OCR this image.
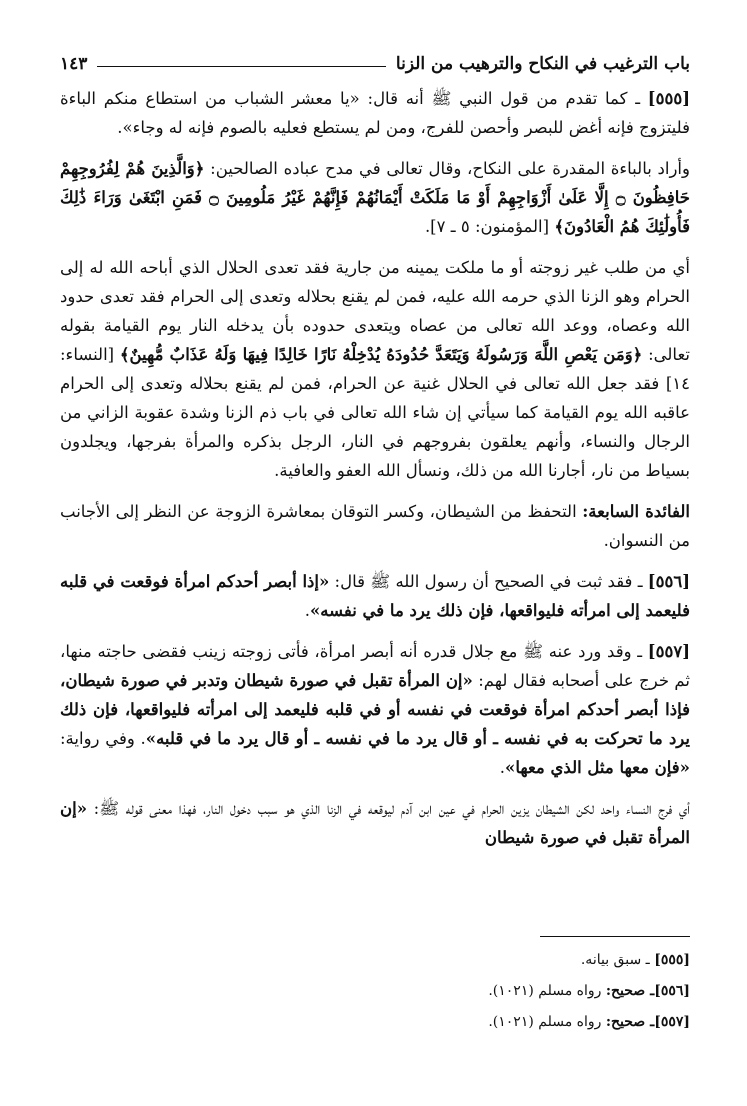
باب الترغيب في النكاح والترهيب من الزنا
١٤٣

[٥٥٥] ـ كما تقدم من قول النبي ﷺ أنه قال: «يا معشر الشباب من استطاع منكم الباءة فليتزوج فإنه أغض للبصر وأحصن للفرج، ومن لم يستطع فعليه بالصوم فإنه له وجاء».

وأراد بالباءة المقدرة على النكاح، وقال تعالى في مدح عباده الصالحين: ﴿وَالَّذِينَ هُمْ لِفُرُوجِهِمْ حَافِظُونَ ۝ إِلَّا عَلَىٰ أَزْوَاجِهِمْ أَوْ مَا مَلَكَتْ أَيْمَانُهُمْ فَإِنَّهُمْ غَيْرُ مَلُومِينَ ۝ فَمَنِ ابْتَغَىٰ وَرَاءَ ذَٰلِكَ فَأُولَٰئِكَ هُمُ الْعَادُونَ﴾ [المؤمنون: ٥ ـ ٧].

أي من طلب غير زوجته أو ما ملكت يمينه من جارية فقد تعدى الحلال الذي أباحه الله له إلى الحرام وهو الزنا الذي حرمه الله عليه، فمن لم يقنع بحلاله وتعدى إلى الحرام فقد تعدى حدود الله وعصاه، ووعد الله تعالى من عصاه ويتعدى حدوده بأن يدخله النار يوم القيامة بقوله تعالى: ﴿وَمَن يَعْصِ اللَّهَ وَرَسُولَهُ وَيَتَعَدَّ حُدُودَهُ يُدْخِلْهُ نَارًا خَالِدًا فِيهَا وَلَهُ عَذَابٌ مُّهِينٌ﴾ [النساء: ١٤] فقد جعل الله تعالى في الحلال غنية عن الحرام، فمن لم يقنع بحلاله وتعدى إلى الحرام عاقبه الله يوم القيامة كما سيأتي إن شاء الله تعالى في باب ذم الزنا وشدة عقوبة الزاني من الرجال والنساء، وأنهم يعلقون بفروجهم في النار، الرجل بذكره والمرأة بفرجها، ويجلدون بسياط من نار، أجارنا الله من ذلك، ونسأل الله العفو والعافية.

الفائدة السابعة: التحفظ من الشيطان، وكسر التوقان بمعاشرة الزوجة عن النظر إلى الأجانب من النسوان.

[٥٥٦] ـ فقد ثبت في الصحيح أن رسول الله ﷺ قال: «إذا أبصر أحدكم امرأة فوقعت في قلبه فليعمد إلى امرأته فليواقعها، فإن ذلك يرد ما في نفسه».

[٥٥٧] ـ وقد ورد عنه ﷺ مع جلال قدره أنه أبصر امرأة، فأتى زوجته زينب فقضى حاجته منها، ثم خرج على أصحابه فقال لهم: «إن المرأة تقبل في صورة شيطان وتدبر في صورة شيطان، فإذا أبصر أحدكم امرأة فوقعت في نفسه أو في قلبه فليعمد إلى امرأته فليواقعها، فإن ذلك يرد ما تحركت به في نفسه ـ أو قال يرد ما في نفسه ـ أو قال يرد ما في قلبه». وفي رواية: «فإن معها مثل الذي معها».

أي فرج النساء واحد لكن الشيطان يزين الحرام في عين ابن آدم ليوقعه في الزنا الذي هو سبب دخول النار، فهذا معنى قوله ﷺ: «إن المرأة تقبل في صورة شيطان

[٥٥٥] ـ سبق بيانه.
[٥٥٦]ـ صحيح: رواه مسلم (١٠٢١).
[٥٥٧]ـ صحيح: رواه مسلم (١٠٢١).
